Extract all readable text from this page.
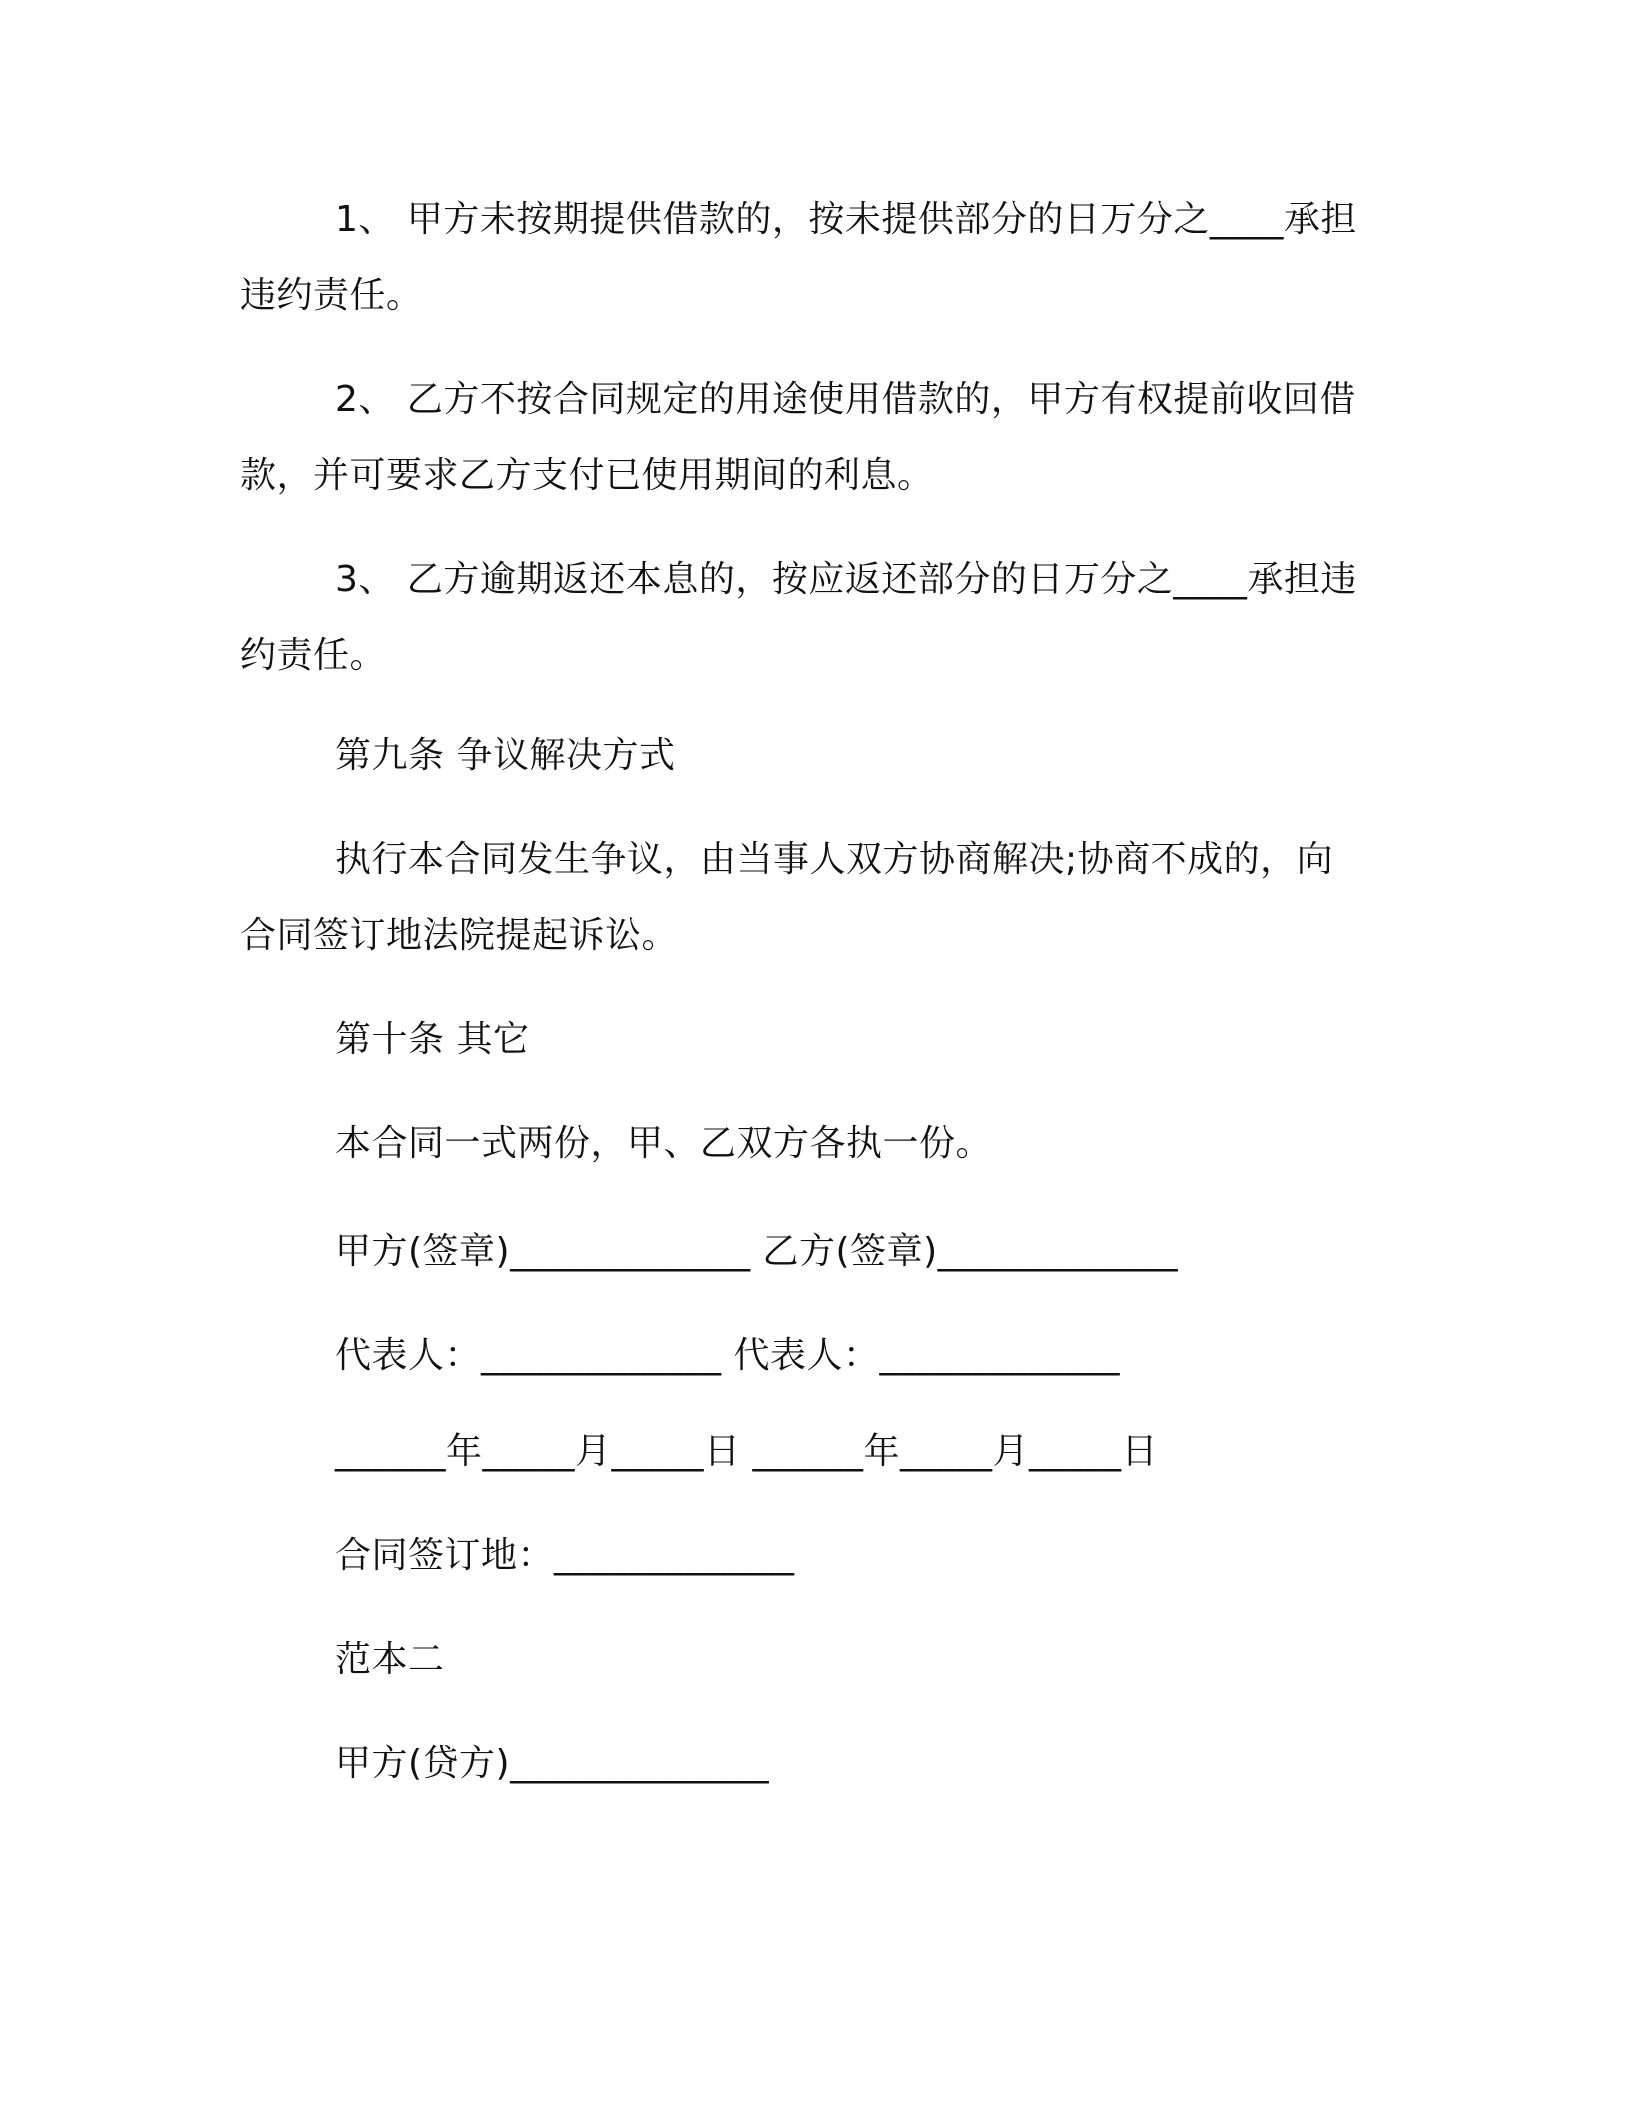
1、 甲方未按期提供借款的，按未提供部分的日万分之____承担
违约责任。
2、 乙方不按合同规定的用途使用借款的，甲方有权提前收回借
款，并可要求乙方支付已使用期间的利息。
3、 乙方逾期返还本息的，按应返还部分的日万分之____承担违
约责任。
第九条 争议解决方式
执行本合同发生争议，由当事人双方协商解决;协商不成的，向
合同签订地法院提起诉讼。
第十条 其它
本合同一式两份，甲、乙双方各执一份。
甲方(签章)_____________ 乙方(签章)_____________
代表人：_____________ 代表人：_____________
______年_____月_____日 ______年_____月_____日
合同签订地：_____________
范本二
甲方(贷方)______________
